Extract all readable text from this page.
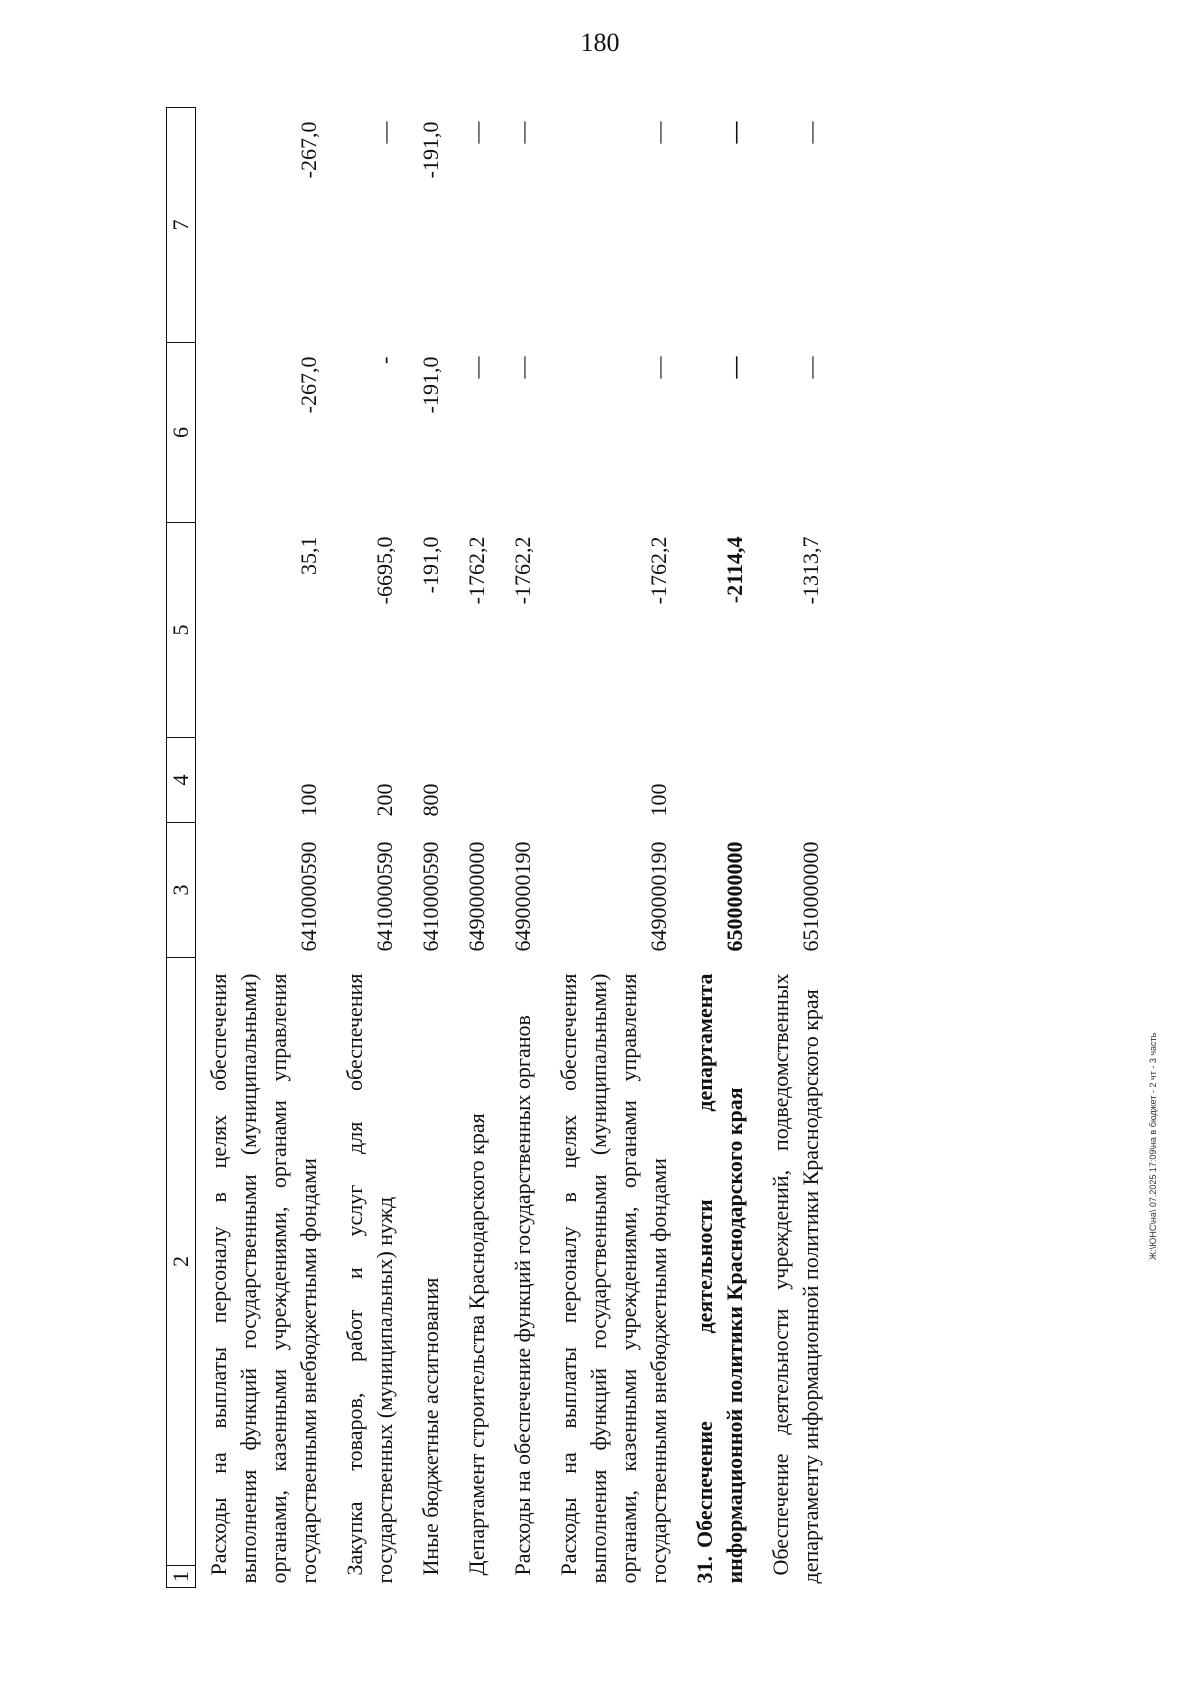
180
Ж:\ЮНС\на\ 07.2025 17:09\на в бюджет - 2 чт - 3 часть
1	2	3	4	5	6	7
Расходы на выплаты персоналу в целях обеспечения выполнения функций государственными (муниципальными) органами, казенными учреждениями, органами управления государственными внебюджетными фондами		6410000590	100	35,1	-267,0	-267,0
Закупка товаров, работ и услуг для обеспечения государственных (муниципальных) нужд		6410000590	200	-6695,0	-	—
Иные бюджетные ассигнования		6410000590	800	-191,0	-191,0	-191,0
Департамент строительства Краснодарского края		6490000000		-1762,2	—	—
Расходы на обеспечение функций государственных органов		6490000190		-1762,2	—	—
Расходы на выплаты персоналу в целях обеспечения выполнения функций государственными (муниципальными) органами, казенными учреждениями, органами управления государственными внебюджетными фондами		6490000190	100	-1762,2	—	—
31.Обеспечение деятельности департамента информационной политики Краснодарского края		6500000000		-2114,4	—	—
Обеспечение деятельности учреждений, подведомственных департаменту информационной политики Краснодарского края		6510000000		-1313,7	—	—
